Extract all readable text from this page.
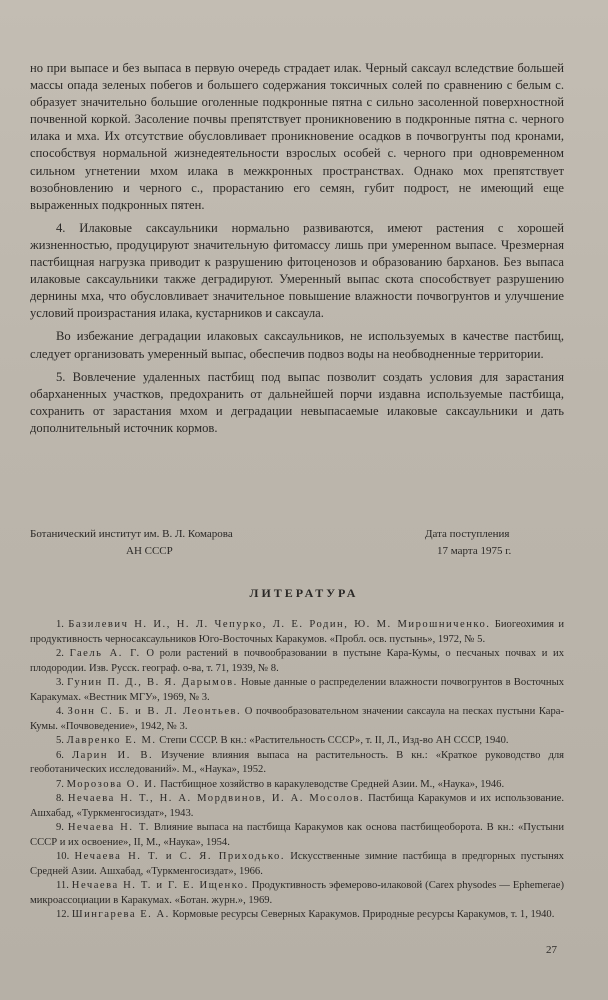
но при выпасе и без выпаса в первую очередь страдает илак. Черный саксаул вследствие большей массы опада зеленых побегов и большего содержания токсичных солей по сравнению с белым с. образует значительно большие оголенные подкронные пятна с сильно засоленной поверхностной почвенной коркой. Засоление почвы препятствует проникновению в подкронные пятна с. черного илака и мха. Их отсутствие обусловливает проникновение осадков в почвогрунты под кронами, способствуя нормальной жизнедеятельности взрослых особей с. черного при одновременном сильном угнетении мхом илака в межкронных пространствах. Однако мох препятствует возобновлению и черного с., прорастанию его семян, губит подрост, не имеющий еще выраженных подкронных пятен.

4. Илаковые саксаульники нормально развиваются, имеют растения с хорошей жизненностью, продуцируют значительную фитомассу лишь при умеренном выпасе. Чрезмерная пастбищная нагрузка приводит к разрушению фитоценозов и образованию барханов. Без выпаса илаковые саксаульники также деградируют. Умеренный выпас скота способствует разрушению дернины мха, что обусловливает значительное повышение влажности почвогрунтов и улучшение условий произрастания илака, кустарников и саксаула.

Во избежание деградации илаковых саксаульников, не используемых в качестве пастбищ, следует организовать умеренный выпас, обеспечив подвоз воды на необводненные территории.

5. Вовлечение удаленных пастбищ под выпас позволит создать условия для зарастания обарханенных участков, предохранить от дальнейшей порчи издавна используемые пастбища, сохранить от зарастания мхом и деградации невыпасаемые илаковые саксаульники и дать дополнительный источник кормов.

Ботанический институт им. В. Л. Комарова
АН СССР
Дата поступления
17 марта 1975 г.
ЛИТЕРАТУРА

1. Базилевич Н. И., Н. Л. Чепурко, Л. Е. Родин, Ю. М. Мирошниченко. Биогеохимия и продуктивность черносаксаульников Юго-Восточных Каракумов. «Пробл. осв. пустынь», 1972, № 5.

2. Гаель А. Г. О роли растений в почвообразовании в пустыне Кара-Кумы, о песчаных почвах и их плодородии. Изв. Русск. географ. о-ва, т. 71, 1939, № 8.

3. Гунин П. Д., В. Я. Дарымов. Новые данные о распределении влажности почвогрунтов в Восточных Каракумах. «Вестник МГУ», 1969, № 3.

4. Зонн С. Б. и В. Л. Леонтьев. О почвообразовательном значении саксаула на песках пустыни Кара-Кумы. «Почвоведение», 1942, № 3.

5. Лавренко Е. М. Степи СССР. В кн.: «Растительность СССР», т. II, Л., Изд-во АН СССР, 1940.

6. Ларин И. В. Изучение влияния выпаса на растительность. В кн.: «Краткое руководство для геоботанических исследований». М., «Наука», 1952.

7. Морозова О. И. Пастбищное хозяйство в каракулеводстве Средней Азии. М., «Наука», 1946.

8. Нечаева Н. Т., Н. А. Мордвинов, И. А. Мосолов. Пастбища Каракумов и их использование. Ашхабад, «Туркменгосиздат», 1943.

9. Нечаева Н. Т. Влияние выпаса на пастбища Каракумов как основа пастбищеоборота. В кн.: «Пустыни СССР и их освоение», II, М., «Наука», 1954.

10. Нечаева Н. Т. и С. Я. Приходько. Искусственные зимние пастбища в предгорных пустынях Средней Азии. Ашхабад, «Туркменгосиздат», 1966.

11. Нечаева Н. Т. и Г. Е. Ищенко. Продуктивность эфемерово-илаковой (Carex physodes — Ephemerae) микроассоциации в Каракумах. «Ботан. журн.», 1969.

12. Шингарева Е. А. Кормовые ресурсы Северных Каракумов. Природные ресурсы Каракумов, т. 1, 1940.

27
